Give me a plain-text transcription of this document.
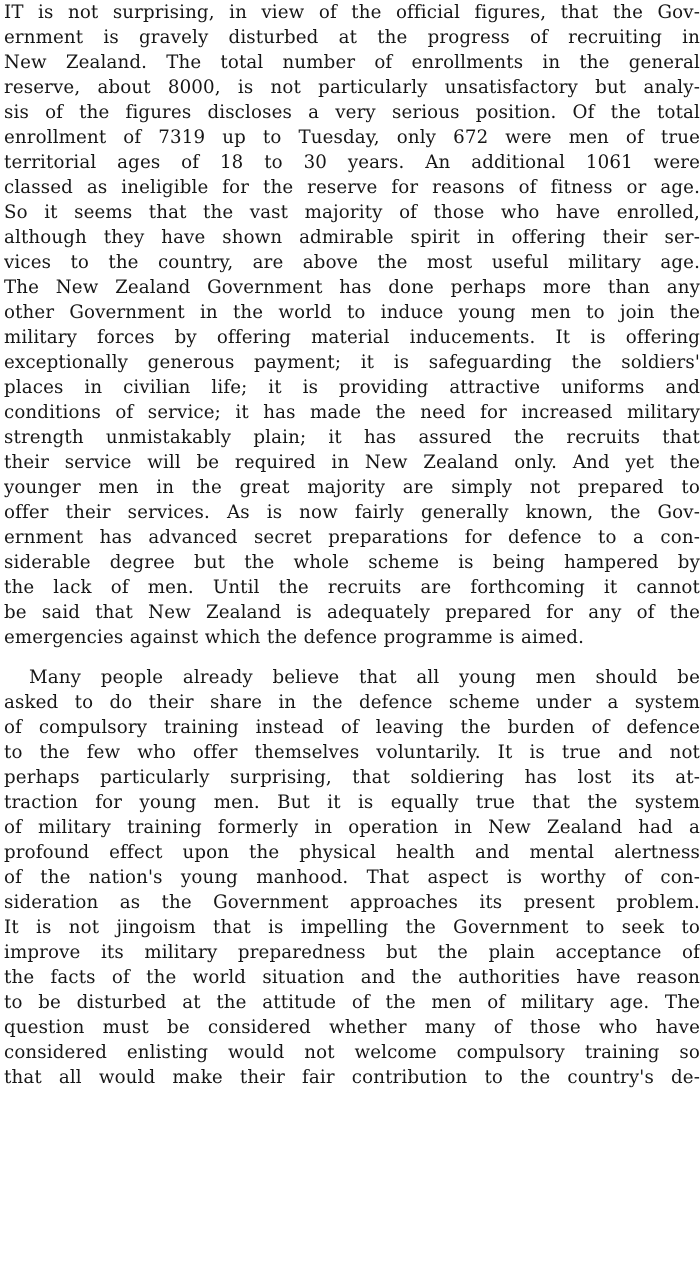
IT is not surprising, in view of the official figures, that the Gov-
ernment is gravely disturbed at the progress of recruiting in
New Zealand. The total number of enrollments in the general
reserve, about 8000, is not particularly unsatisfactory but analy-
sis of the figures discloses a very serious position. Of the total
enrollment of 7319 up to Tuesday, only 672 were men of true
territorial ages of 18 to 30 years. An additional 1061 were
classed as ineligible for the reserve for reasons of fitness or age.
So it seems that the vast majority of those who have enrolled,
although they have shown admirable spirit in offering their ser-
vices to the country, are above the most useful military age.
The New Zealand Government has done perhaps more than any
other Government in the world to induce young men to join the
military forces by offering material inducements. It is offering
exceptionally generous payment; it is safeguarding the soldiers'
places in civilian life; it is providing attractive uniforms and
conditions of service; it has made the need for increased military
strength unmistakably plain; it has assured the recruits that
their service will be required in New Zealand only. And yet the
younger men in the great majority are simply not prepared to
offer their services. As is now fairly generally known, the Gov-
ernment has advanced secret preparations for defence to a con-
siderable degree but the whole scheme is being hampered by
the lack of men. Until the recruits are forthcoming it cannot
be said that New Zealand is adequately prepared for any of the
emergencies against which the defence programme is aimed.
Many people already believe that all young men should be
asked to do their share in the defence scheme under a system
of compulsory training instead of leaving the burden of defence
to the few who offer themselves voluntarily. It is true and not
perhaps particularly surprising, that soldiering has lost its at-
traction for young men. But it is equally true that the system
of military training formerly in operation in New Zealand had a
profound effect upon the physical health and mental alertness
of the nation's young manhood. That aspect is worthy of con-
sideration as the Government approaches its present problem.
It is not jingoism that is impelling the Government to seek to
improve its military preparedness but the plain acceptance of
the facts of the world situation and the authorities have reason
to be disturbed at the attitude of the men of military age. The
question must be considered whether many of those who have
considered enlisting would not welcome compulsory training so
that all would make their fair contribution to the country's de-
